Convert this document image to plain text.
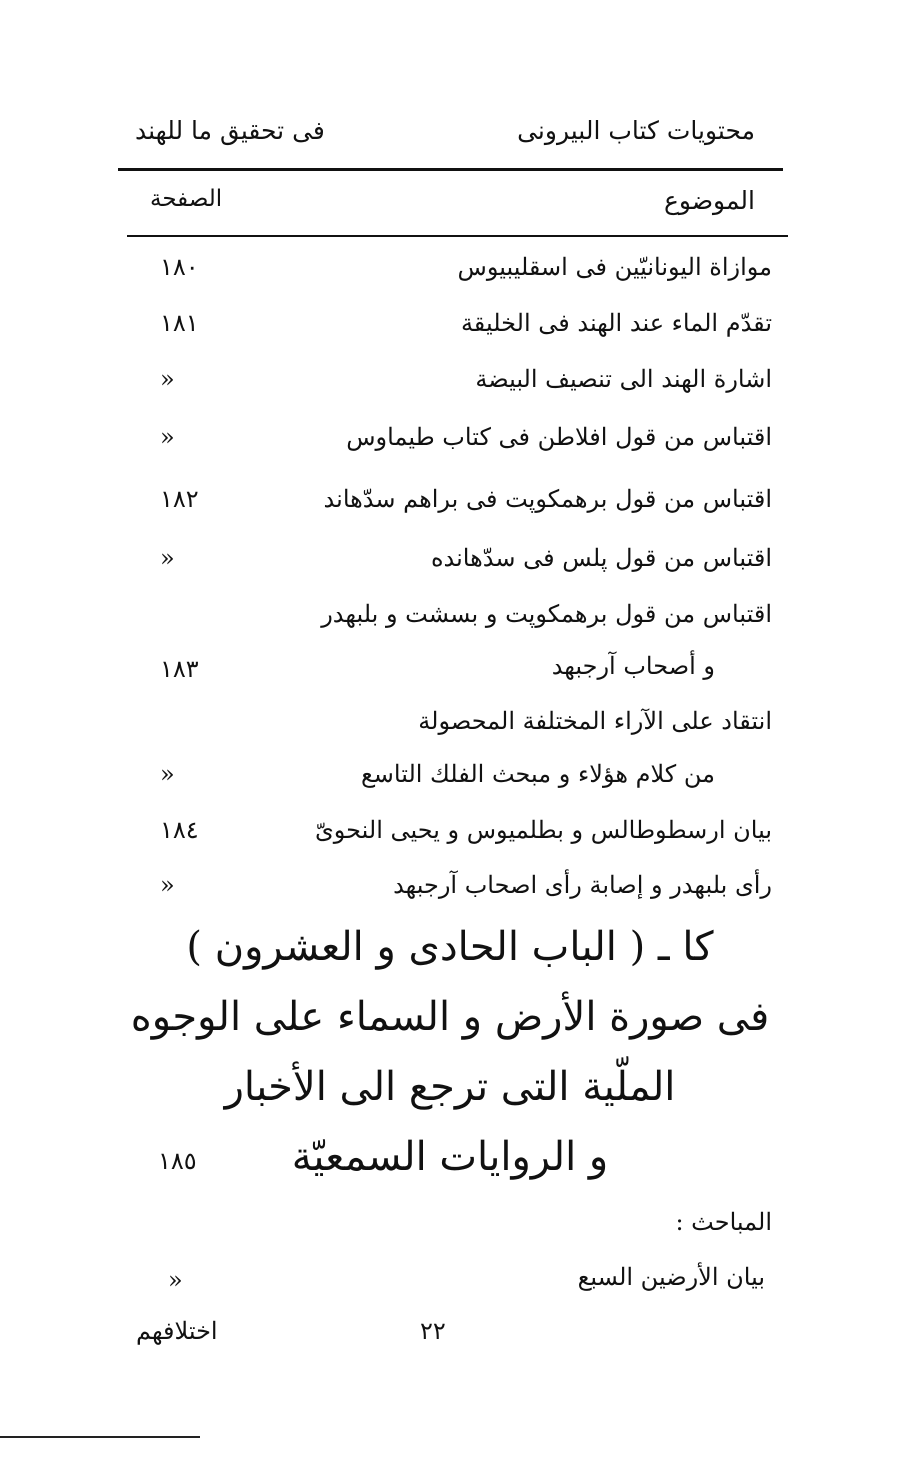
محتويات كتاب البيرونى
فى تحقيق ما للهند
الموضوع
الصفحة
موازاة اليونانيّين فى اسقليبيوس
١٨٠
تقدّم الماء عند الهند فى الخليقة
١٨١
اشارة الهند الى تنصيف البيضة
»
اقتباس من قول افلاطن فى كتاب طيماوس
»
اقتباس من قول برهمكوپت فى براهم سدّهاند
١٨٢
اقتباس من قول پلس فى سدّهانده
»
اقتباس من قول برهمكوپت و بسشت و بلبهدر
و أصحاب آرجبهد
١٨٣
انتقاد على الآراء المختلفة المحصولة
من كلام هؤلاء و مبحث الفلك التاسع
»
بيان ارسطوطالس و بطلميوس و يحيى النحوىّ
١٨٤
رأى بلبهدر و إصابة رأى اصحاب آرجبهد
»
كا ـ ( الباب الحادى و العشرون )
فى صورة الأرض و السماء على الوجوه
الملّية التى ترجع الى الأخبار
و الروايات السمعيّة
١٨٥
المباحث :
بيان الأرضين السبع
»
٢٢
اختلافهم
